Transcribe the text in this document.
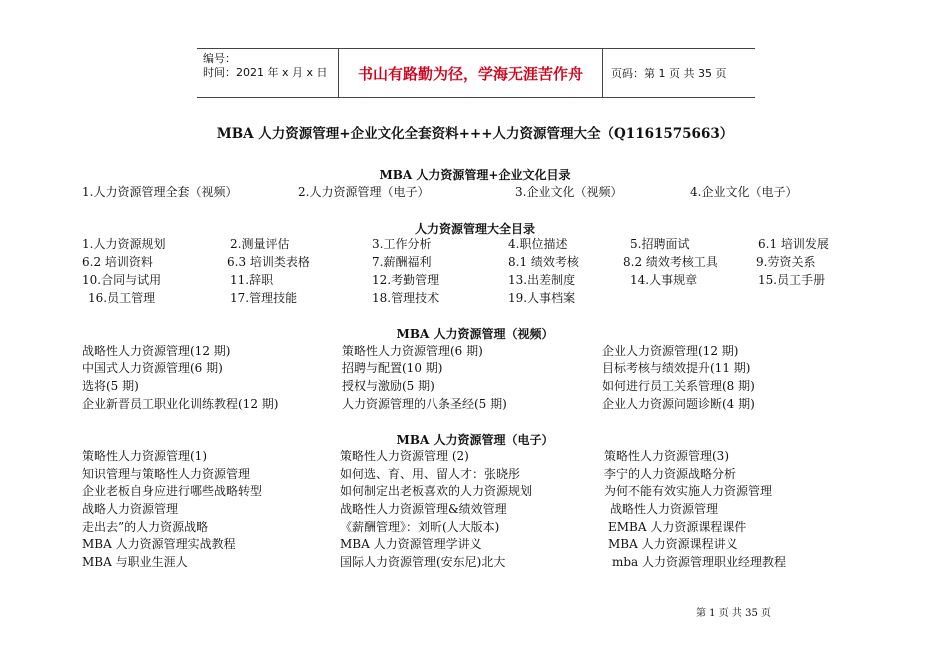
编号：
时间：2021 年 x 月 x 日	书山有路勤为径，学海无涯苦作舟	页码：第 1 页 共 35 页
MBA 人力资源管理+企业文化全套资料+++人力资源管理大全（Q1161575663）
MBA 人力资源管理+企业文化目录
1.人力资源管理全套（视频）	2.人力资源管理（电子）	3.企业文化（视频）	4.企业文化（电子）
人力资源管理大全目录
1.人力资源规划	2.测量评估	3.工作分析	4.职位描述	5.招聘面试	6.1 培训发展
6.2 培训资料	6.3 培训类表格	7.薪酬福利	8.1 绩效考核	8.2 绩效考核工具	9.劳资关系
10.合同与试用	11.辞职	12.考勤管理	13.出差制度	14.人事规章	15.员工手册
16.员工管理	17.管理技能	18.管理技术	19.人事档案
MBA 人力资源管理（视频）
战略性人力资源管理(12 期)	策略性人力资源管理(6 期)	企业人力资源管理(12 期)
中国式人力资源管理(6 期)	招聘与配置(10 期)	目标考核与绩效提升(11 期)
选将(5 期)	授权与激励(5 期)	如何进行员工关系管理(8 期)
企业新晋员工职业化训练教程(12 期)	人力资源管理的八条圣经(5 期)	企业人力资源问题诊断(4 期)
MBA 人力资源管理（电子）
策略性人力资源管理(1)	策略性人力资源管理 (2)	策略性人力资源管理(3)
知识管理与策略性人力资源管理	如何选、育、用、留人才：张晓彤	李宁的人力资源战略分析
企业老板自身应进行哪些战略转型	如何制定出老板喜欢的人力资源规划	为何不能有效实施人力资源管理
战略人力资源管理	战略性人力资源管理&绩效管理	战略性人力资源管理
走出去”的人力资源战略	《薪酬管理》：刘昕(人大版本)	EMBA 人力资源课程课件
MBA 人力资源管理实战教程	MBA 人力资源管理学讲义	MBA 人力资源课程讲义
MBA 与职业生涯人	国际人力资源管理(安东尼)北大	mba 人力资源管理职业经理教程
第 1 页 共 35 页
